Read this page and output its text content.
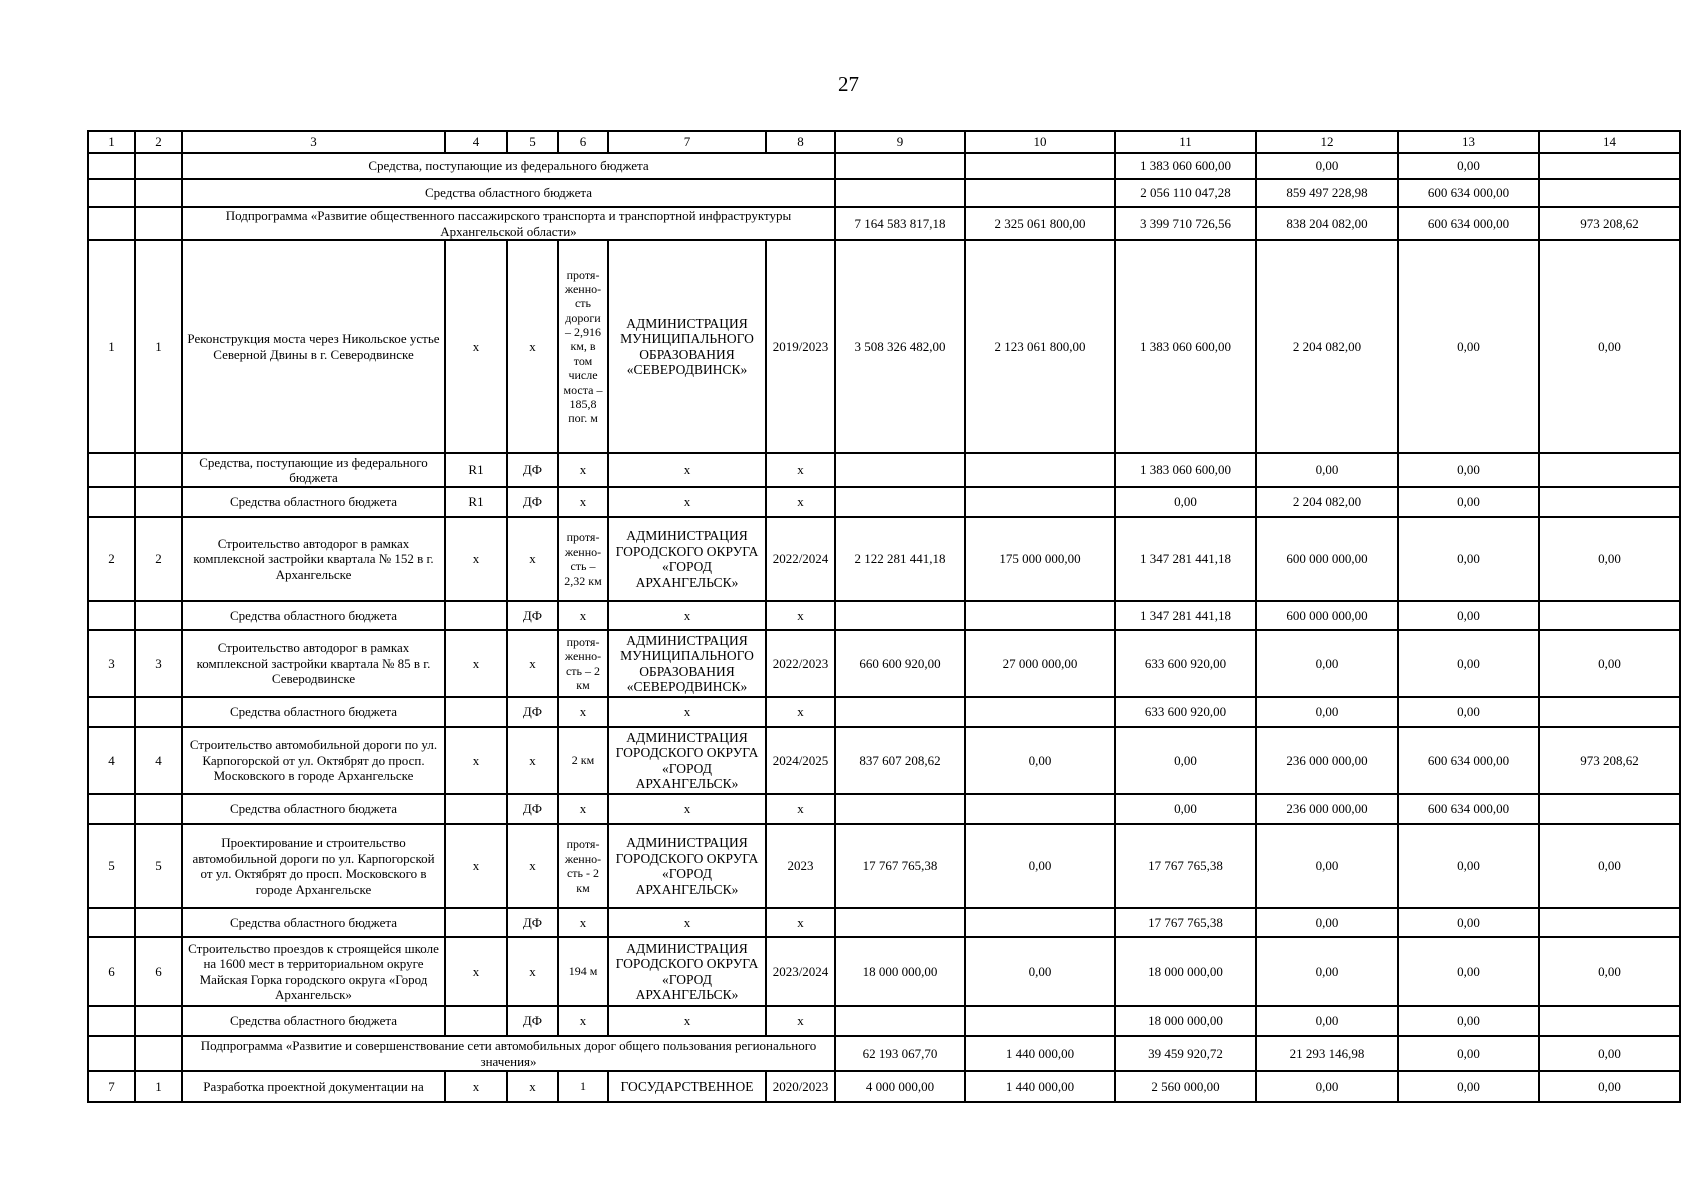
27
1	2	3	4	5	6	7	8	9	10	11	12	13	14
		Средства, поступающие из федерального бюджета								1 383 060 600,00	0,00	0,00	
		Средства областного бюджета								2 056 110 047,28	859 497 228,98	600 634 000,00	
		Подпрограмма «Развитие общественного пассажирского транспорта и транспортной инфраструктуры Архангельской области»						7 164 583 817,18	2 325 061 800,00	3 399 710 726,56	838 204 082,00	600 634 000,00	973 208,62
1	1	Реконструкция моста через Никольское устье Северной Двины в г. Северодвинске	х	х	протяженность дороги – 2,916 км, в том числе моста – 185,8 пог. м	АДМИНИСТРАЦИЯ МУНИЦИПАЛЬНОГО ОБРАЗОВАНИЯ «СЕВЕРОДВИНСК»	2019/2023	3 508 326 482,00	2 123 061 800,00	1 383 060 600,00	2 204 082,00	0,00	0,00
		Средства, поступающие из федерального бюджета	R1	ДФ	х	х	х			1 383 060 600,00	0,00	0,00	
		Средства областного бюджета	R1	ДФ	х	х	х			0,00	2 204 082,00	0,00	
2	2	Строительство автодорог в рамках комплексной застройки квартала № 152 в г. Архангельске	х	х	протяженность – 2,32 км	АДМИНИСТРАЦИЯ ГОРОДСКОГО ОКРУГА «ГОРОД АРХАНГЕЛЬСК»	2022/2024	2 122 281 441,18	175 000 000,00	1 347 281 441,18	600 000 000,00	0,00	0,00
		Средства областного бюджета		ДФ	х	х	х			1 347 281 441,18	600 000 000,00	0,00	
3	3	Строительство автодорог в рамках комплексной застройки квартала № 85 в г. Северодвинске	х	х	протяженность – 2 км	АДМИНИСТРАЦИЯ МУНИЦИПАЛЬНОГО ОБРАЗОВАНИЯ «СЕВЕРОДВИНСК»	2022/2023	660 600 920,00	27 000 000,00	633 600 920,00	0,00	0,00	0,00
		Средства областного бюджета		ДФ	х	х	х			633 600 920,00	0,00	0,00	
4	4	Строительство автомобильной дороги по ул. Карпогорской от ул. Октябрят до просп. Московского в городе Архангельске	х	х	2 км	АДМИНИСТРАЦИЯ ГОРОДСКОГО ОКРУГА «ГОРОД АРХАНГЕЛЬСК»	2024/2025	837 607 208,62	0,00	0,00	236 000 000,00	600 634 000,00	973 208,62
		Средства областного бюджета		ДФ	х	х	х			0,00	236 000 000,00	600 634 000,00	
5	5	Проектирование и строительство автомобильной дороги по ул. Карпогорской от ул. Октябрят до просп. Московского в городе Архангельске	х	х	протяженность - 2 км	АДМИНИСТРАЦИЯ ГОРОДСКОГО ОКРУГА «ГОРОД АРХАНГЕЛЬСК»	2023	17 767 765,38	0,00	17 767 765,38	0,00	0,00	0,00
		Средства областного бюджета		ДФ	х	х	х			17 767 765,38	0,00	0,00	
6	6	Строительство проездов к строящейся школе на 1600 мест в территориальном округе Майская Горка городского округа «Город Архангельск»	х	х	194 м	АДМИНИСТРАЦИЯ ГОРОДСКОГО ОКРУГА «ГОРОД АРХАНГЕЛЬСК»	2023/2024	18 000 000,00	0,00	18 000 000,00	0,00	0,00	0,00
		Средства областного бюджета		ДФ	х	х	х			18 000 000,00	0,00	0,00	
		Подпрограмма «Развитие и совершенствование сети автомобильных дорог общего пользования регионального значения»						62 193 067,70	1 440 000,00	39 459 920,72	21 293 146,98	0,00	0,00
7	1	Разработка проектной документации на	х	х	1	ГОСУДАРСТВЕННОЕ	2020/2023	4 000 000,00	1 440 000,00	2 560 000,00	0,00	0,00	0,00
